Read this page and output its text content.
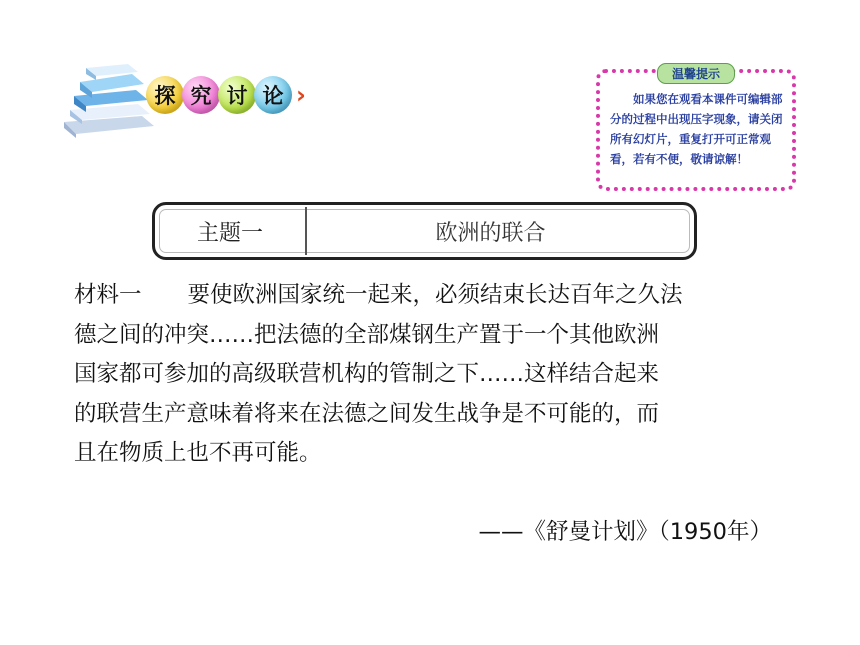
探 究 讨 论 ›
温馨提示
如果您在观看本课件可编辑部分的过程中出现压字现象，请关闭所有幻灯片，重复打开可正常观看，若有不便，敬请谅解！
主题一	欧洲的联合
材料一 要使欧洲国家统一起来，必须结束长达百年之久法
德之间的冲突……把法德的全部煤钢生产置于一个其他欧洲
国家都可参加的高级联营机构的管制之下……这样结合起来
的联营生产意味着将来在法德之间发生战争是不可能的，而
且在物质上也不再可能。
——《舒曼计划》（1950年）
